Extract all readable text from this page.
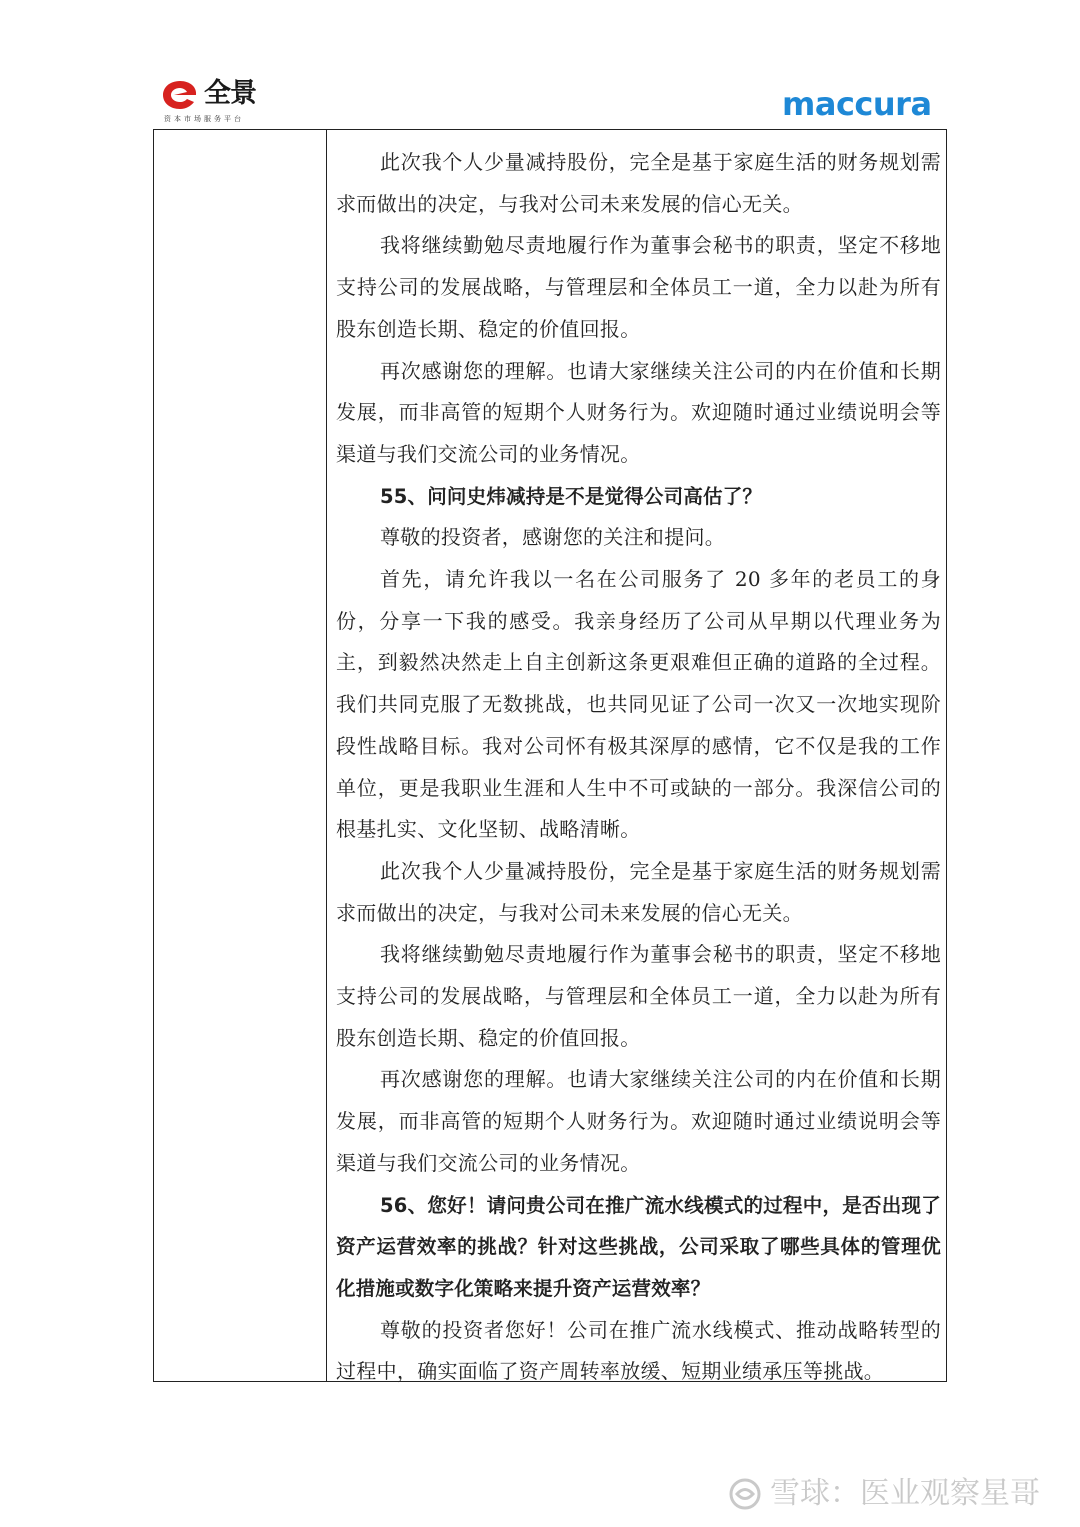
全景
资本市场服务平台	maccura

此次我个人少量减持股份，完全是基于家庭生活的财务规划需求而做出的决定，与我对公司未来发展的信心无关。

我将继续勤勉尽责地履行作为董事会秘书的职责，坚定不移地支持公司的发展战略，与管理层和全体员工一道，全力以赴为所有股东创造长期、稳定的价值回报。

再次感谢您的理解。也请大家继续关注公司的内在价值和长期发展，而非高管的短期个人财务行为。欢迎随时通过业绩说明会等渠道与我们交流公司的业务情况。

55、问问史炜减持是不是觉得公司高估了？

尊敬的投资者，感谢您的关注和提问。

首先，请允许我以一名在公司服务了 20 多年的老员工的身份，分享一下我的感受。我亲身经历了公司从早期以代理业务为主，到毅然决然走上自主创新这条更艰难但正确的道路的全过程。我们共同克服了无数挑战，也共同见证了公司一次又一次地实现阶段性战略目标。我对公司怀有极其深厚的感情，它不仅是我的工作单位，更是我职业生涯和人生中不可或缺的一部分。我深信公司的根基扎实、文化坚韧、战略清晰。

此次我个人少量减持股份，完全是基于家庭生活的财务规划需求而做出的决定，与我对公司未来发展的信心无关。

我将继续勤勉尽责地履行作为董事会秘书的职责，坚定不移地支持公司的发展战略，与管理层和全体员工一道，全力以赴为所有股东创造长期、稳定的价值回报。

再次感谢您的理解。也请大家继续关注公司的内在价值和长期发展，而非高管的短期个人财务行为。欢迎随时通过业绩说明会等渠道与我们交流公司的业务情况。

56、您好！请问贵公司在推广流水线模式的过程中，是否出现了资产运营效率的挑战？针对这些挑战，公司采取了哪些具体的管理优化措施或数字化策略来提升资产运营效率？

尊敬的投资者您好！公司在推广流水线模式、推动战略转型的过程中，确实面临了资产周转率放缓、短期业绩承压等挑战。

雪球：医业观察星哥
